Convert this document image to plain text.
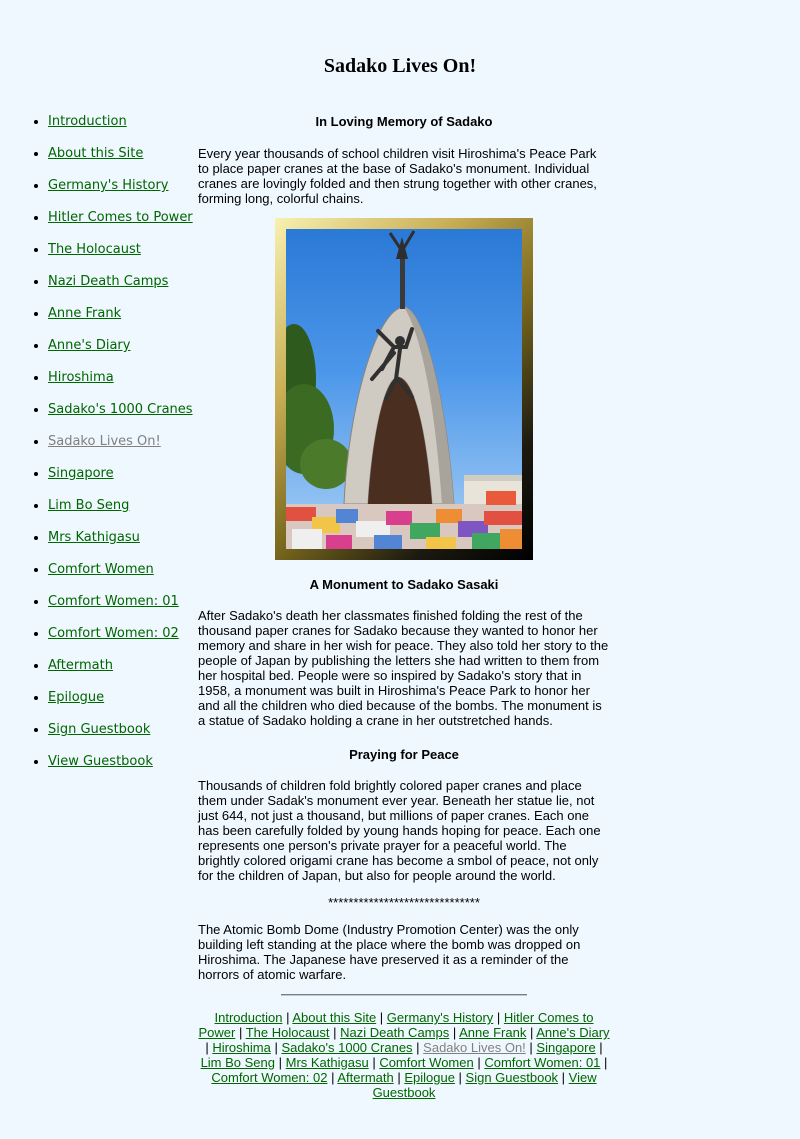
Sadako Lives On!
• Introduction
• About this Site
• Germany's History
• Hitler Comes to Power
• The Holocaust
• Nazi Death Camps
• Anne Frank
• Anne's Diary
• Hiroshima
• Sadako's 1000 Cranes
• Sadako Lives On!
• Singapore
• Lim Bo Seng
• Mrs Kathigasu
• Comfort Women
• Comfort Women: 01
• Comfort Women: 02
• Aftermath
• Epilogue
• Sign Guestbook
• View Guestbook
In Loving Memory of Sadako

Every year thousands of school children visit Hiroshima's Peace Park to place paper cranes at the base of Sadako's monument. Individual cranes are lovingly folded and then strung together with other cranes, forming long, colorful chains.

A Monument to Sadako Sasaki

After Sadako's death her classmates finished folding the rest of the thousand paper cranes for Sadako because they wanted to honor her memory and share in her wish for peace. They also told her story to the people of Japan by publishing the letters she had written to them from her hospital bed. People were so inspired by Sadako's story that in 1958, a monument was built in Hiroshima's Peace Park to honor her and all the children who died because of the bombs. The monument is a statue of Sadako holding a crane in her outstretched hands.

Praying for Peace

Thousands of children fold brightly colored paper cranes and place them under Sadak's monument ever year. Beneath her statue lie, not just 644, not just a thousand, but millions of paper cranes. Each one has been carefully folded by young hands hoping for peace. Each one represents one person's private prayer for a peaceful world. The brightly colored origami crane has become a smbol of peace, not only for the children of Japan, but also for people around the world.

******************************

The Atomic Bomb Dome (Industry Promotion Center) was the only building left standing at the place where the bomb was dropped on Hiroshima. The Japanese have preserved it as a reminder of the horrors of atomic warfare.

Introduction | About this Site | Germany's History | Hitler Comes to Power | The Holocaust | Nazi Death Camps | Anne Frank | Anne's Diary | Hiroshima | Sadako's 1000 Cranes | Sadako Lives On! | Singapore | Lim Bo Seng | Mrs Kathigasu | Comfort Women | Comfort Women: 01 | Comfort Women: 02 | Aftermath | Epilogue | Sign Guestbook | View Guestbook
